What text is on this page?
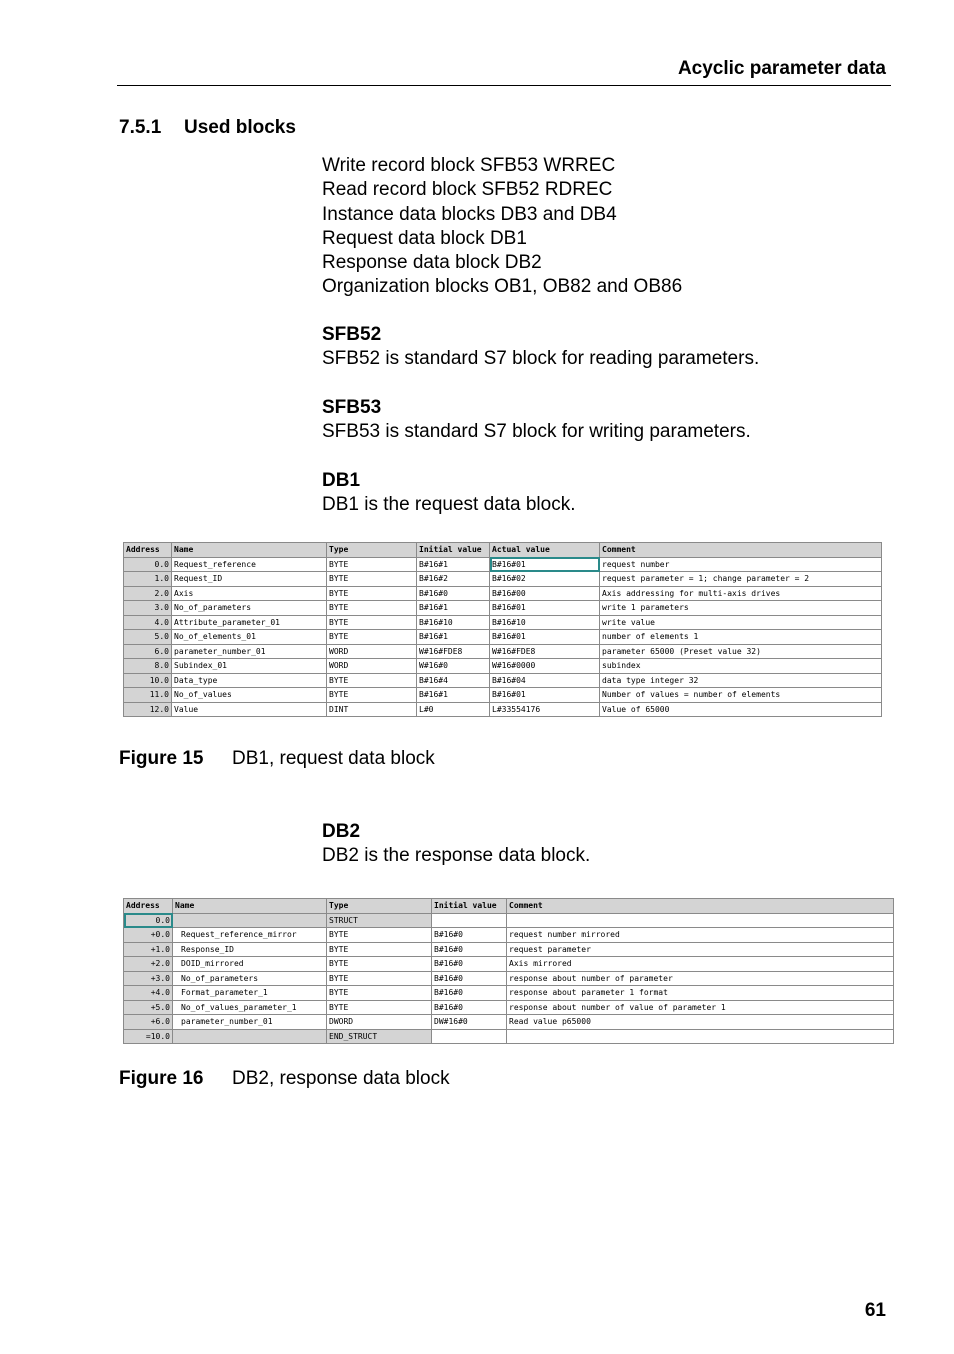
Acyclic parameter data
7.5.1 Used blocks
Write record block SFB53 WRREC
Read record block SFB52 RDREC
Instance data blocks DB3 and DB4
Request data block DB1
Response data block DB2
Organization blocks OB1, OB82 and OB86
SFB52
SFB52 is standard S7 block for reading parameters.
SFB53
SFB53 is standard S7 block for writing parameters.
DB1
DB1 is the request data block.
Address	Name	Type	Initial value	Actual value	Comment
0.0	Request_reference	BYTE	B#16#1	B#16#01	request number
1.0	Request_ID	BYTE	B#16#2	B#16#02	request parameter = 1; change parameter = 2
2.0	Axis	BYTE	B#16#0	B#16#00	Axis addressing for multi-axis drives
3.0	No_of_parameters	BYTE	B#16#1	B#16#01	write 1 parameters
4.0	Attribute_parameter_01	BYTE	B#16#10	B#16#10	write value
5.0	No_of_elements_01	BYTE	B#16#1	B#16#01	number of elements 1
6.0	parameter_number_01	WORD	W#16#FDE8	W#16#FDE8	parameter 65000 (Preset value 32)
8.0	Subindex_01	WORD	W#16#0	W#16#0000	subindex
10.0	Data_type	BYTE	B#16#4	B#16#04	data type integer 32
11.0	No_of_values	BYTE	B#16#1	B#16#01	Number of values = number of elements
12.0	Value	DINT	L#0	L#33554176	Value of 65000
Figure 15 DB1, request data block
DB2
DB2 is the response data block.
Address	Name	Type	Initial value	Comment
0.0		STRUCT		
+0.0	Request_reference_mirror	BYTE	B#16#0	request number mirrored
+1.0	Response_ID	BYTE	B#16#0	request parameter
+2.0	DOID_mirrored	BYTE	B#16#0	Axis mirrored
+3.0	No_of_parameters	BYTE	B#16#0	response about number of parameter
+4.0	Format_parameter_1	BYTE	B#16#0	response about parameter 1 format
+5.0	No_of_values_parameter_1	BYTE	B#16#0	response about number of value of parameter 1
+6.0	parameter_number_01	DWORD	DW#16#0	Read value p65000
=10.0		END_STRUCT		
Figure 16 DB2, response data block
61
